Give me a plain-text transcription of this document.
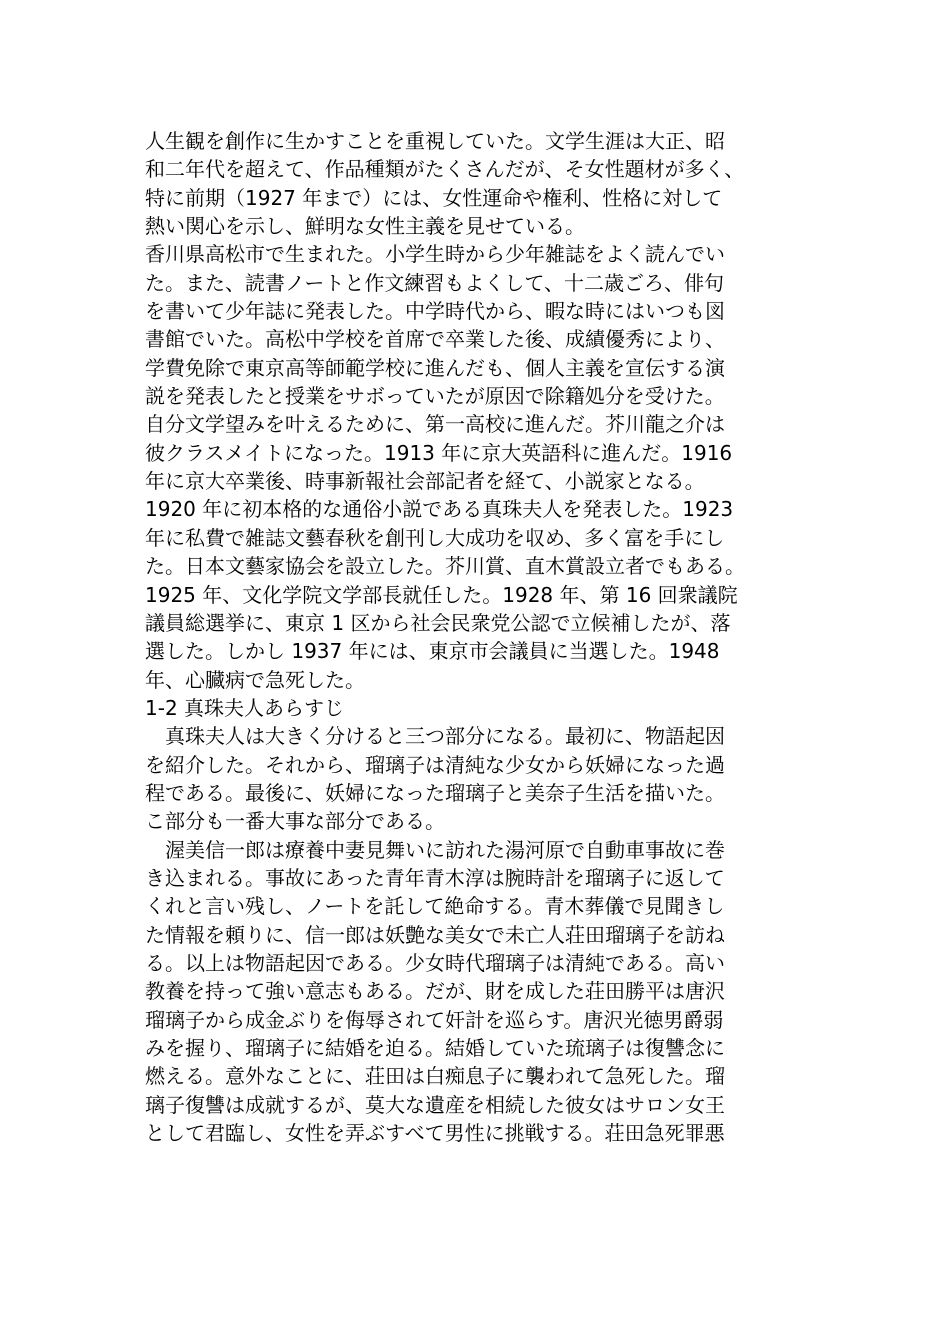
人生観を創作に生かすことを重視していた。文学生涯は大正、昭
和二年代を超えて、作品種類がたくさんだが、そ女性題材が多く、
特に前期（1927 年まで）には、女性運命や権利、性格に対して
熱い関心を示し、鮮明な女性主義を見せている。
香川県高松市で生まれた。小学生時から少年雑誌をよく読んでい
た。また、読書ノートと作文練習もよくして、十二歳ごろ、俳句
を書いて少年誌に発表した。中学時代から、暇な時にはいつも図
書館でいた。高松中学校を首席で卒業した後、成績優秀により、
学費免除で東京高等師範学校に進んだも、個人主義を宣伝する演
説を発表したと授業をサボっていたが原因で除籍処分を受けた。
自分文学望みを叶えるために、第一高校に進んだ。芥川龍之介は
彼クラスメイトになった。1913 年に京大英語科に進んだ。1916
年に京大卒業後、時事新報社会部記者を経て、小説家となる。
1920 年に初本格的な通俗小説である真珠夫人を発表した。1923
年に私費で雑誌文藝春秋を創刊し大成功を収め、多く富を手にし
た。日本文藝家協会を設立した。芥川賞、直木賞設立者でもある。
1925 年、文化学院文学部長就任した。1928 年、第 16 回衆議院
議員総選挙に、東京 1 区から社会民衆党公認で立候補したが、落
選した。しかし 1937 年には、東京市会議員に当選した。1948
年、心臓病で急死した。
1-2 真珠夫人あらすじ
　真珠夫人は大きく分けると三つ部分になる。最初に、物語起因
を紹介した。それから、瑠璃子は清純な少女から妖婦になった過
程である。最後に、妖婦になった瑠璃子と美奈子生活を描いた。
こ部分も一番大事な部分である。
　渥美信一郎は療養中妻見舞いに訪れた湯河原で自動車事故に巻
き込まれる。事故にあった青年青木淳は腕時計を瑠璃子に返して
くれと言い残し、ノートを託して絶命する。青木葬儀で見聞きし
た情報を頼りに、信一郎は妖艶な美女で未亡人荘田瑠璃子を訪ね
る。以上は物語起因である。少女時代瑠璃子は清純である。高い
教養を持って強い意志もある。だが、財を成した荘田勝平は唐沢
瑠璃子から成金ぶりを侮辱されて奸計を巡らす。唐沢光徳男爵弱
みを握り、瑠璃子に結婚を迫る。結婚していた琉璃子は復讐念に
燃える。意外なことに、荘田は白痴息子に襲われて急死した。瑠
璃子復讐は成就するが、莫大な遺産を相続した彼女はサロン女王
として君臨し、女性を弄ぶすべて男性に挑戦する。荘田急死罪悪
